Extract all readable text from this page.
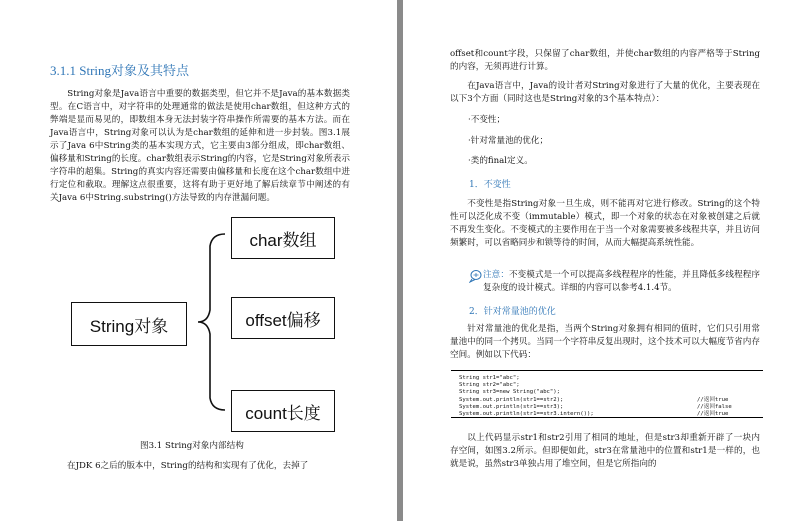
3.1.1 String对象及其特点

String对象是Java语言中重要的数据类型，但它并不是Java的基本数据类型。在C语言中，对字符串的处理通常的做法是使用char数组，但这种方式的弊端是显而易见的，即数组本身无法封装字符串操作所需要的基本方法。而在Java语言中，String对象可以认为是char数组的延伸和进一步封装。图3.1展示了Java 6中String类的基本实现方式，它主要由3部分组成，即char数组、偏移量和String的长度。char数组表示String的内容，它是String对象所表示字符串的超集。String的真实内容还需要由偏移量和长度在这个char数组中进行定位和截取。理解这点很重要，这将有助于更好地了解后续章节中阐述的有关Java 6中String.substring()方法导致的内存泄漏问题。

String对象
char数组
offset偏移
count长度
图3.1 String对象内部结构

在JDK 6之后的版本中，String的结构和实现有了优化，去掉了

offset和count字段，只保留了char数组，并使char数组的内容严格等于String的内容，无须再进行计算。

在Java语言中，Java的设计者对String对象进行了大量的优化，主要表现在以下3个方面（同时这也是String对象的3个基本特点）：

·不变性；
·针对常量池的优化；
·类的final定义。
1．不变性

不变性是指String对象一旦生成，则不能再对它进行修改。String的这个特性可以泛化成不变（immutable）模式，即一个对象的状态在对象被创建之后就不再发生变化。不变模式的主要作用在于当一个对象需要被多线程共享，并且访问频繁时，可以省略同步和锁等待的时间，从而大幅提高系统性能。

注意：不变模式是一个可以提高多线程程序的性能，并且降低多线程程序复杂度的设计模式。详细的内容可以参考4.1.4节。

2．针对常量池的优化

针对常量池的优化是指，当两个String对象拥有相同的值时，它们只引用常量池中的同一个拷贝。当同一个字符串反复出现时，这个技术可以大幅度节省内存空间。例如以下代码：

String str1="abc";
String str2="abc";
String str3=new String("abc");
System.out.println(str1==str2);	//返回true
System.out.println(str1==str3);	//返回false
System.out.println(str1==str3.intern());	//返回true

以上代码显示str1和str2引用了相同的地址，但是str3却重新开辟了一块内存空间，如图3.2所示。但即便如此，str3在常量池中的位置和str1是一样的，也就是说，虽然str3单独占用了堆空间，但是它所指向的
